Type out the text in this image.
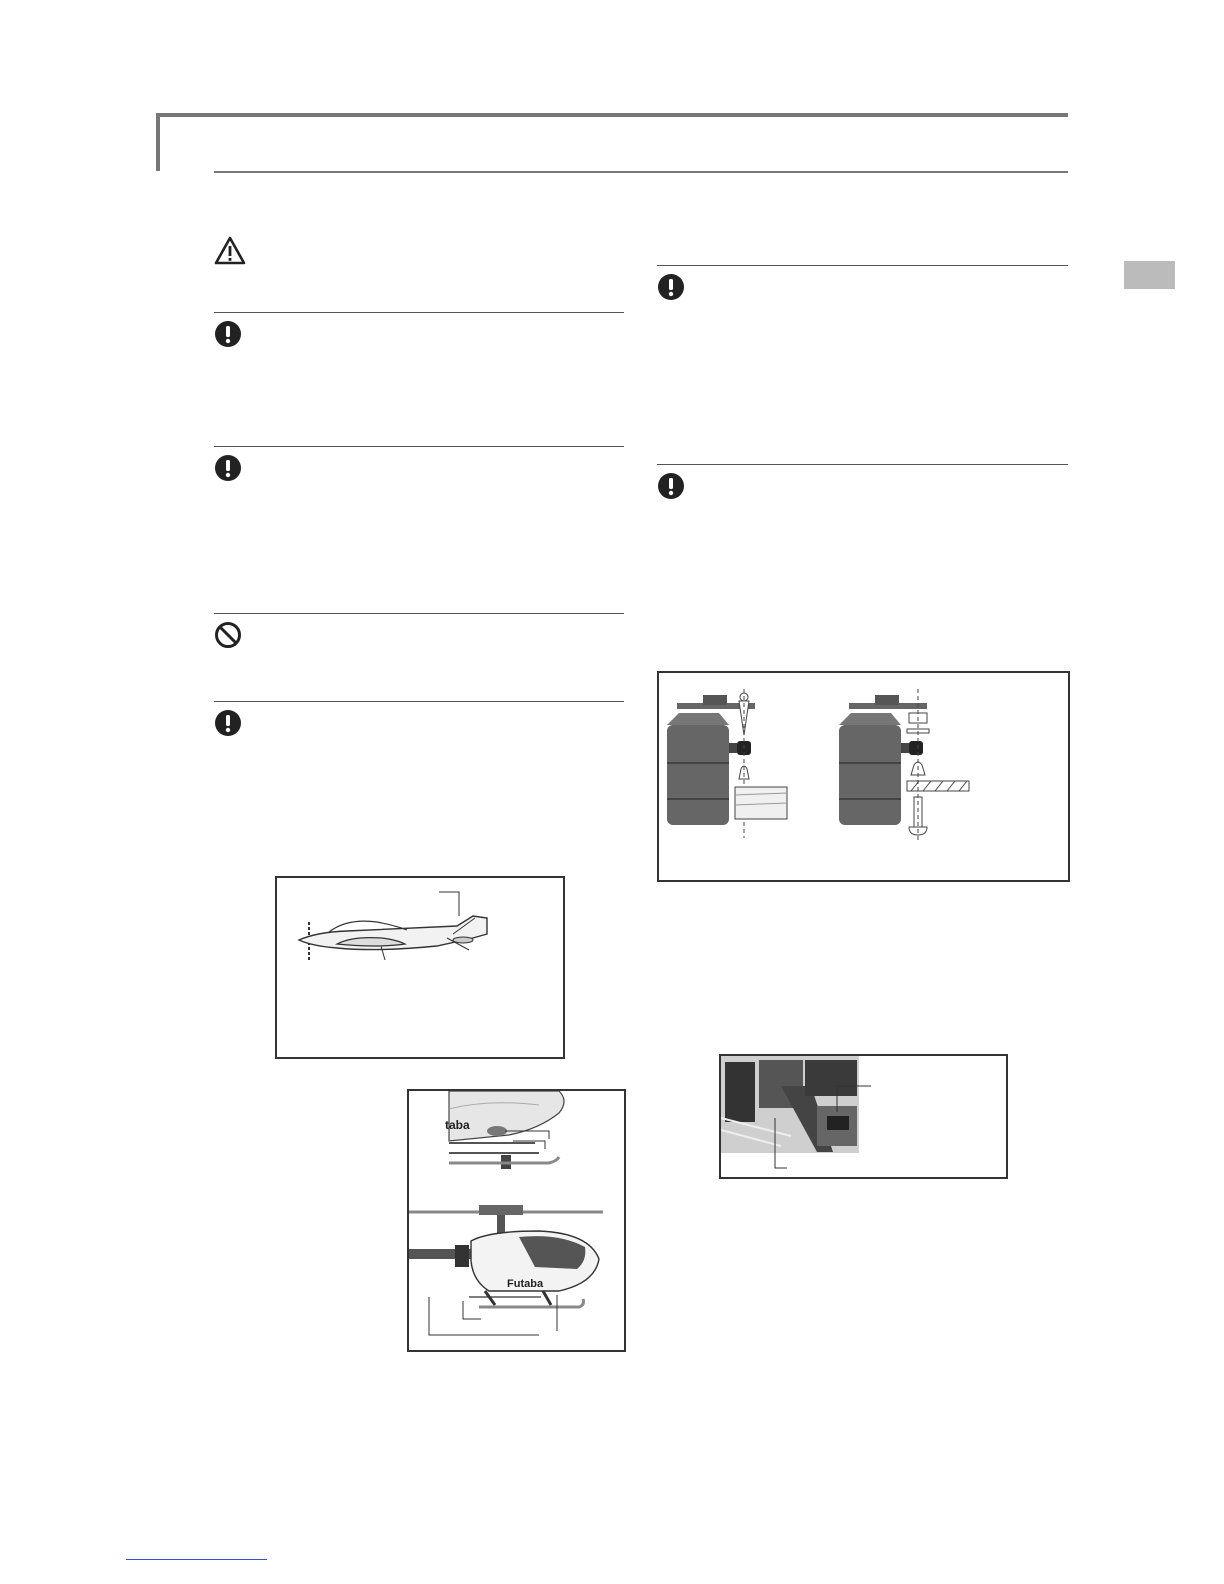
taba
Futaba
